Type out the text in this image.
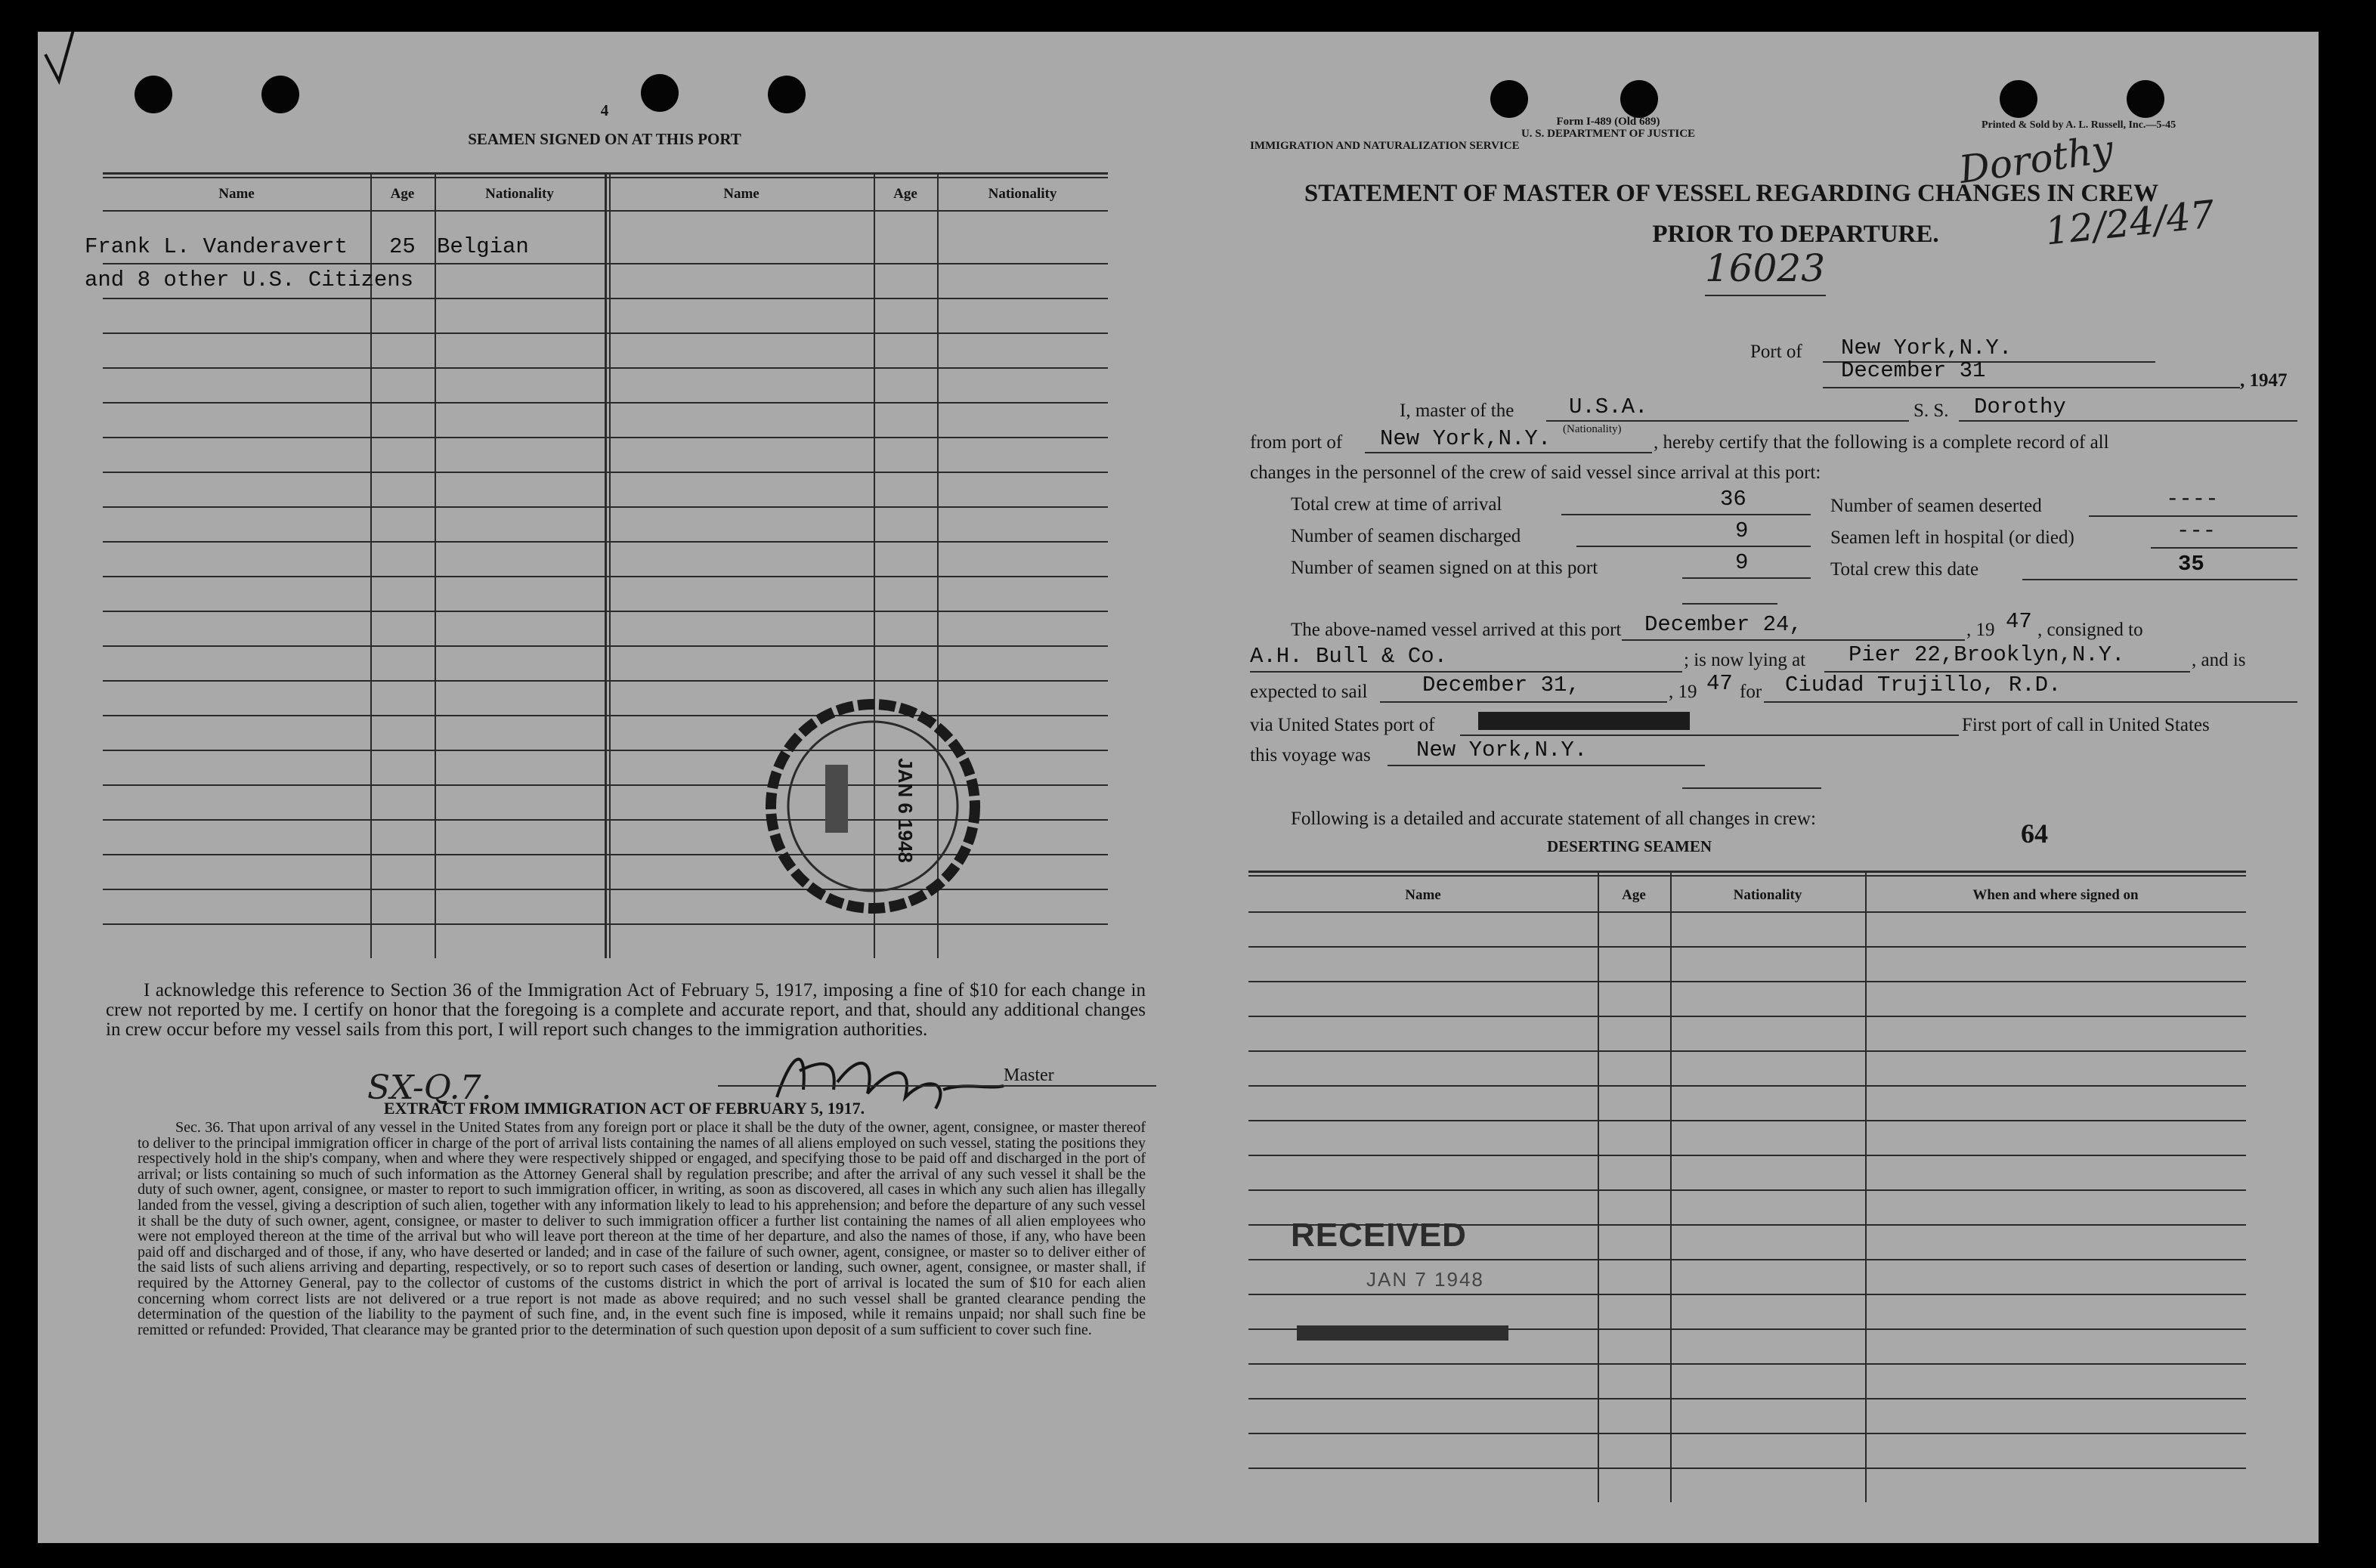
4
SEAMEN SIGNED ON AT THIS PORT
Name	Age	Nationality	Name	Age	Nationality
Frank L. Vanderavert 25 Belgian
and 8 other U.S. Citizens
JAN 6 1948
I acknowledge this reference to Section 36 of the Immigration Act of February 5, 1917, imposing a fine of $10 for each change in crew not reported by me. I certify on honor that the foregoing is a complete and accurate report, and that, should any additional changes in crew occur before my vessel sails from this port, I will report such changes to the immigration authorities.
SX-Q.7.	Master
EXTRACT FROM IMMIGRATION ACT OF FEBRUARY 5, 1917.
Sec. 36. That upon arrival of any vessel in the United States from any foreign port or place it shall be the duty of the owner, agent, consignee, or master thereof to deliver to the principal immigration officer in charge of the port of arrival lists containing the names of all aliens employed on such vessel, stating the positions they respectively hold in the ship's company, when and where they were respectively shipped or engaged, and specifying those to be paid off and discharged in the port of arrival; or lists containing so much of such information as the Attorney General shall by regulation prescribe; and after the arrival of any such vessel it shall be the duty of such owner, agent, consignee, or master to report to such immigration officer, in writing, as soon as discovered, all cases in which any such alien has illegally landed from the vessel, giving a description of such alien, together with any information likely to lead to his apprehension; and before the departure of any such vessel it shall be the duty of such owner, agent, consignee, or master to deliver to such immigration officer a further list containing the names of all alien employees who were not employed thereon at the time of the arrival but who will leave port thereon at the time of her departure, and also the names of those, if any, who have been paid off and discharged and of those, if any, who have deserted or landed; and in case of the failure of such owner, agent, consignee, or master so to deliver either of the said lists of such aliens arriving and departing, respectively, or so to report such cases of desertion or landing, such owner, agent, consignee, or master shall, if required by the Attorney General, pay to the collector of customs of the customs district in which the port of arrival is located the sum of $10 for each alien concerning whom correct lists are not delivered or a true report is not made as above required; and no such vessel shall be granted clearance pending the determination of the question of the liability to the payment of such fine, and, in the event such fine is imposed, while it remains unpaid; nor shall such fine be remitted or refunded: Provided, That clearance may be granted prior to the determination of such question upon deposit of a sum sufficient to cover such fine.
Form I-489 (Old 689)
U. S. DEPARTMENT OF JUSTICE
IMMIGRATION AND NATURALIZATION SERVICE
Printed & Sold by A. L. Russell, Inc.—5-45
STATEMENT OF MASTER OF VESSEL REGARDING CHANGES IN CREW
PRIOR TO DEPARTURE.
Dorothy
12/24/47
16023
Port of New York,N.Y.
December 31	, 1947
I, master of the	U.S.A.
(Nationality)
S. S. Dorothy
from port of New York,N.Y.	, hereby certify that the following is a complete record of all
changes in the personnel of the crew of said vessel since arrival at this port:
Total crew at time of arrival	36
Number of seamen discharged	9
Number of seamen signed on at this port	9
Number of seamen deserted	----
Seamen left in hospital (or died)	---
Total crew this date	35
The above-named vessel arrived at this port December 24,	, 19 47 , consigned to
A.H. Bull & Co.	; is now lying at Pier 22,Brooklyn,N.Y.	, and is
expected to sail	December 31,	, 19 47 for Ciudad Trujillo, R.D.
via United States port of	First port of call in United States
this voyage was New York,N.Y.
64
Following is a detailed and accurate statement of all changes in crew:
DESERTING SEAMEN
Name	Age	Nationality	When and where signed on
RECEIVED
JAN 7 1948
